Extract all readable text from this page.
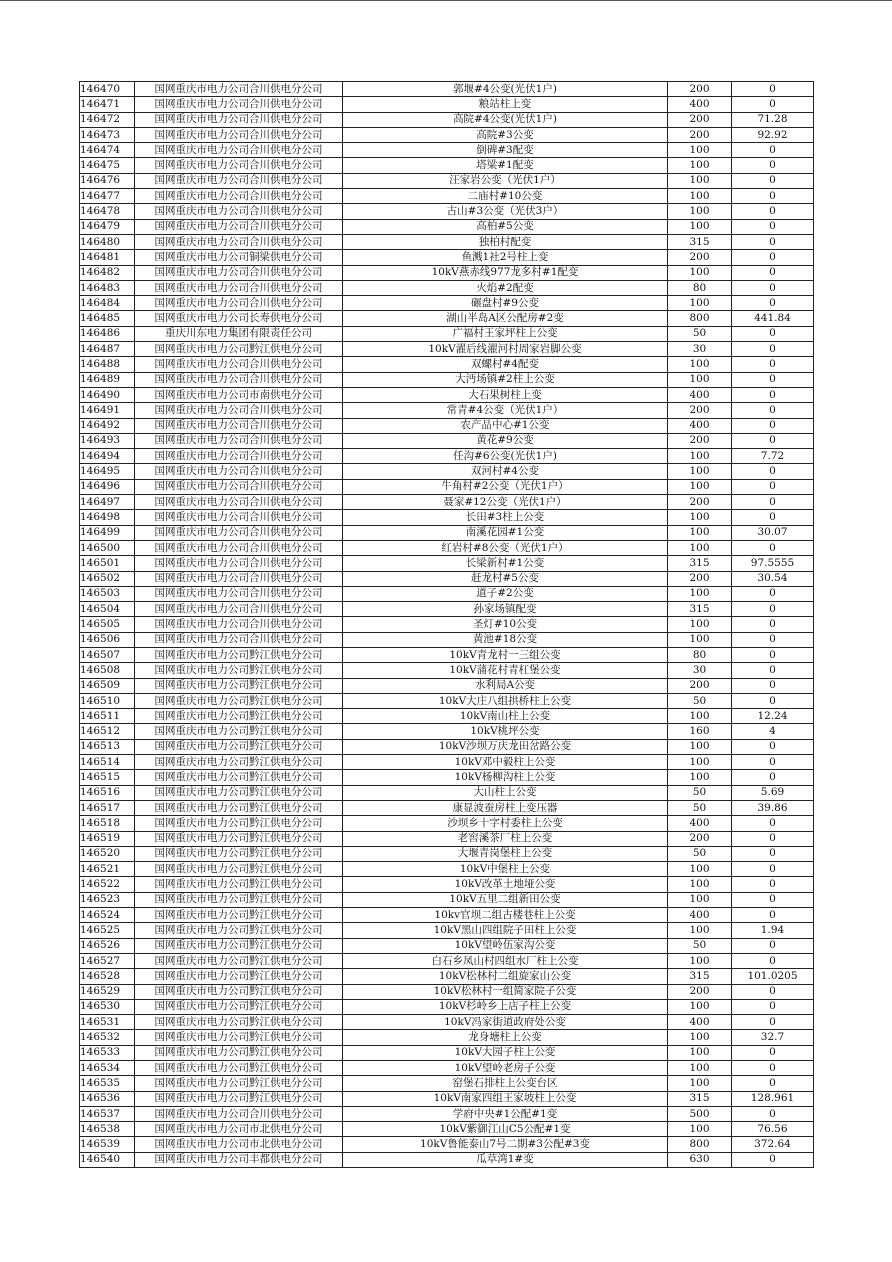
146470	国网重庆市电力公司合川供电分公司	郭堰#4公变(光伏1户)	200	0
146471	国网重庆市电力公司合川供电分公司	粮站柱上变	400	0
146472	国网重庆市电力公司合川供电分公司	高院#4公变(光伏1户)	200	71.28
146473	国网重庆市电力公司合川供电分公司	高院#3公变	200	92.92
146474	国网重庆市电力公司合川供电分公司	倒碑#3配变	100	0
146475	国网重庆市电力公司合川供电分公司	塔梁#1配变	100	0
146476	国网重庆市电力公司合川供电分公司	汪家岩公变（光伏1户）	100	0
146477	国网重庆市电力公司合川供电分公司	二庙村#10公变	100	0
146478	国网重庆市电力公司合川供电分公司	古山#3公变（光伏3户）	100	0
146479	国网重庆市电力公司合川供电分公司	高柏#5公变	100	0
146480	国网重庆市电力公司合川供电分公司	独柏村配变	315	0
146481	国网重庆市电力公司铜梁供电分公司	鱼溅1社2号柱上变	200	0
146482	国网重庆市电力公司合川供电分公司	10kV燕赤线977龙多村#1配变	100	0
146483	国网重庆市电力公司合川供电分公司	火焰#2配变	80	0
146484	国网重庆市电力公司合川供电分公司	碾盘村#9公变	100	0
146485	国网重庆市电力公司长寿供电分公司	湖山半岛A区公配房#2变	800	441.84
146486	重庆川东电力集团有限责任公司	广福村王家坪柱上公变	50	0
146487	国网重庆市电力公司黔江供电分公司	10kV濯后线濯河村周家岩脚公变	30	0
146488	国网重庆市电力公司合川供电分公司	双螺村#4配变	100	0
146489	国网重庆市电力公司合川供电分公司	大沔场镇#2柱上公变	100	0
146490	国网重庆市电力公司市南供电分公司	大石果树柱上变	400	0
146491	国网重庆市电力公司合川供电分公司	常青#4公变（光伏1户）	200	0
146492	国网重庆市电力公司合川供电分公司	农产品中心#1公变	400	0
146493	国网重庆市电力公司合川供电分公司	黄花#9公变	200	0
146494	国网重庆市电力公司合川供电分公司	任沟#6公变(光伏1户)	100	7.72
146495	国网重庆市电力公司合川供电分公司	双河村#4公变	100	0
146496	国网重庆市电力公司合川供电分公司	牛角村#2公变（光伏1户）	100	0
146497	国网重庆市电力公司合川供电分公司	聂家#12公变（光伏1户）	200	0
146498	国网重庆市电力公司合川供电分公司	长田#3柱上公变	100	0
146499	国网重庆市电力公司合川供电分公司	南溪花园#1公变	100	30.07
146500	国网重庆市电力公司合川供电分公司	红岩村#8公变（光伏1户）	100	0
146501	国网重庆市电力公司合川供电分公司	长梁新村#1公变	315	97.5555
146502	国网重庆市电力公司合川供电分公司	赶龙村#5公变	200	30.54
146503	国网重庆市电力公司合川供电分公司	道子#2公变	100	0
146504	国网重庆市电力公司合川供电分公司	孙家场镇配变	315	0
146505	国网重庆市电力公司合川供电分公司	圣灯#10公变	100	0
146506	国网重庆市电力公司合川供电分公司	黄池#18公变	100	0
146507	国网重庆市电力公司黔江供电分公司	10kV青龙村一三组公变	80	0
146508	国网重庆市电力公司黔江供电分公司	10kV蒲花村青杠堡公变	30	0
146509	国网重庆市电力公司黔江供电分公司	水利局A公变	200	0
146510	国网重庆市电力公司黔江供电分公司	10kV大庄八组拱桥柱上公变	50	0
146511	国网重庆市电力公司黔江供电分公司	10kV南山柱上公变	100	12.24
146512	国网重庆市电力公司黔江供电分公司	10kV桃坪公变	160	4
146513	国网重庆市电力公司黔江供电分公司	10kV沙坝万庆龙田岔路公变	100	0
146514	国网重庆市电力公司黔江供电分公司	10kV邓中毅柱上公变	100	0
146515	国网重庆市电力公司黔江供电分公司	10kV杨柳沟柱上公变	100	0
146516	国网重庆市电力公司黔江供电分公司	大山柱上公变	50	5.69
146517	国网重庆市电力公司黔江供电分公司	康显波蚕房柱上变压器	50	39.86
146518	国网重庆市电力公司黔江供电分公司	沙坝乡十字村委柱上公变	400	0
146519	国网重庆市电力公司黔江供电分公司	老窖溪茶厂柱上公变	200	0
146520	国网重庆市电力公司黔江供电分公司	大堰青岗堡柱上公变	50	0
146521	国网重庆市电力公司黔江供电分公司	10kV中堡柱上公变	100	0
146522	国网重庆市电力公司黔江供电分公司	10kV改革土地垭公变	100	0
146523	国网重庆市电力公司黔江供电分公司	10kV五里二组新田公变	100	0
146524	国网重庆市电力公司黔江供电分公司	10kv官坝二组古楼巷柱上公变	400	0
146525	国网重庆市电力公司黔江供电分公司	10kV黑山四组院子田柱上公变	100	1.94
146526	国网重庆市电力公司黔江供电分公司	10kV望岭伍家沟公变	50	0
146527	国网重庆市电力公司黔江供电分公司	白石乡凤山村四组水厂柱上公变	100	0
146528	国网重庆市电力公司黔江供电分公司	10kV松林村二组旋家山公变	315	101.0205
146529	国网重庆市电力公司黔江供电分公司	10kV松林村一组简家院子公变	200	0
146530	国网重庆市电力公司黔江供电分公司	10kV杉岭乡上店子柱上公变	100	0
146531	国网重庆市电力公司黔江供电分公司	10kV冯家街道政府处公变	400	0
146532	国网重庆市电力公司黔江供电分公司	龙身塘柱上公变	100	32.7
146533	国网重庆市电力公司黔江供电分公司	10kV大园子柱上公变	100	0
146534	国网重庆市电力公司黔江供电分公司	10kV望岭老房子公变	100	0
146535	国网重庆市电力公司黔江供电分公司	窑堡石排柱上公变台区	100	0
146536	国网重庆市电力公司黔江供电分公司	10kV南家四组王家坡柱上公变	315	128.961
146537	国网重庆市电力公司合川供电分公司	学府中央#1公配#1变	500	0
146538	国网重庆市电力公司市北供电分公司	10kV紫御江山C5公配#1变	100	76.56
146539	国网重庆市电力公司市北供电分公司	10kV鲁能泰山7号二期#3公配#3变	800	372.64
146540	国网重庆市电力公司丰都供电分公司	瓜草湾1#变	630	0
